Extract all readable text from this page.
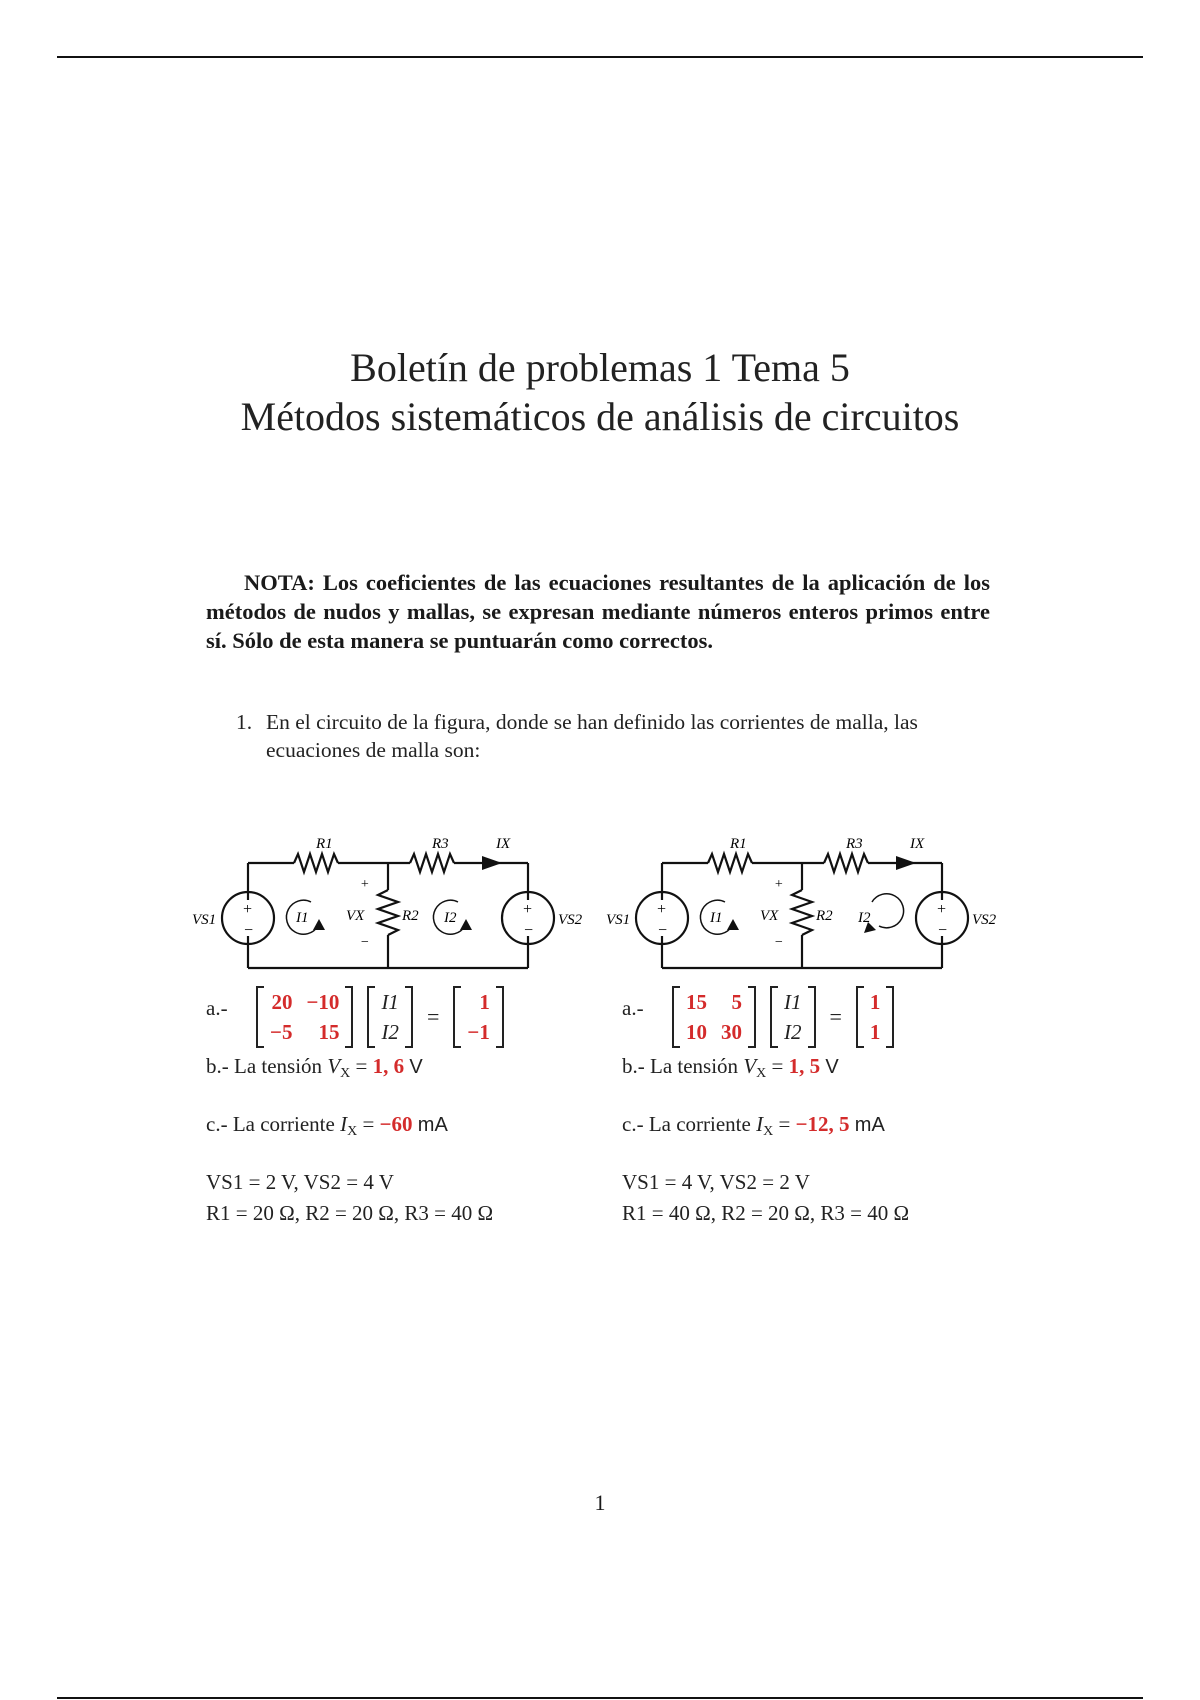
Boletín de problemas 1 Tema 5
Métodos sistemáticos de análisis de circuitos
NOTA: Los coeficientes de las ecuaciones resultantes de la aplicación de los métodos de nudos y mallas, se expresan mediante números enteros primos entre sí. Sólo de esta manera se puntuarán como correctos.
1. En el circuito de la figura, donde se han definido las corrientes de malla, las ecuaciones de malla son:
+
−
+
−
VS1	VS2
R1	R3
R2
IX
VX
+
−
I1	I2	+
−
+
−
VS1	VS2
R1	R3
R2
IX
VX
+
−
I1	I2
a.- 20 −10
−5	15
I1
I2
=
1
−1
b.- La tensión $V_X = 1$, 6 V
c.- La corriente $I_X = -60$ mA
VS1 = 2 V, VS2 = 4 V
R1 = 20 Ω, R2 = 20 Ω, R3 = 40 Ω
a.- 15	5
10 30
I1
I2
=
1
1
b.- La tensión $V_X = 1$, 5 V
c.- La corriente $I_X = -12$, 5 mA
VS1 = 4 V, VS2 = 2 V
R1 = 40 Ω, R2 = 20 Ω, R3 = 40 Ω
1
